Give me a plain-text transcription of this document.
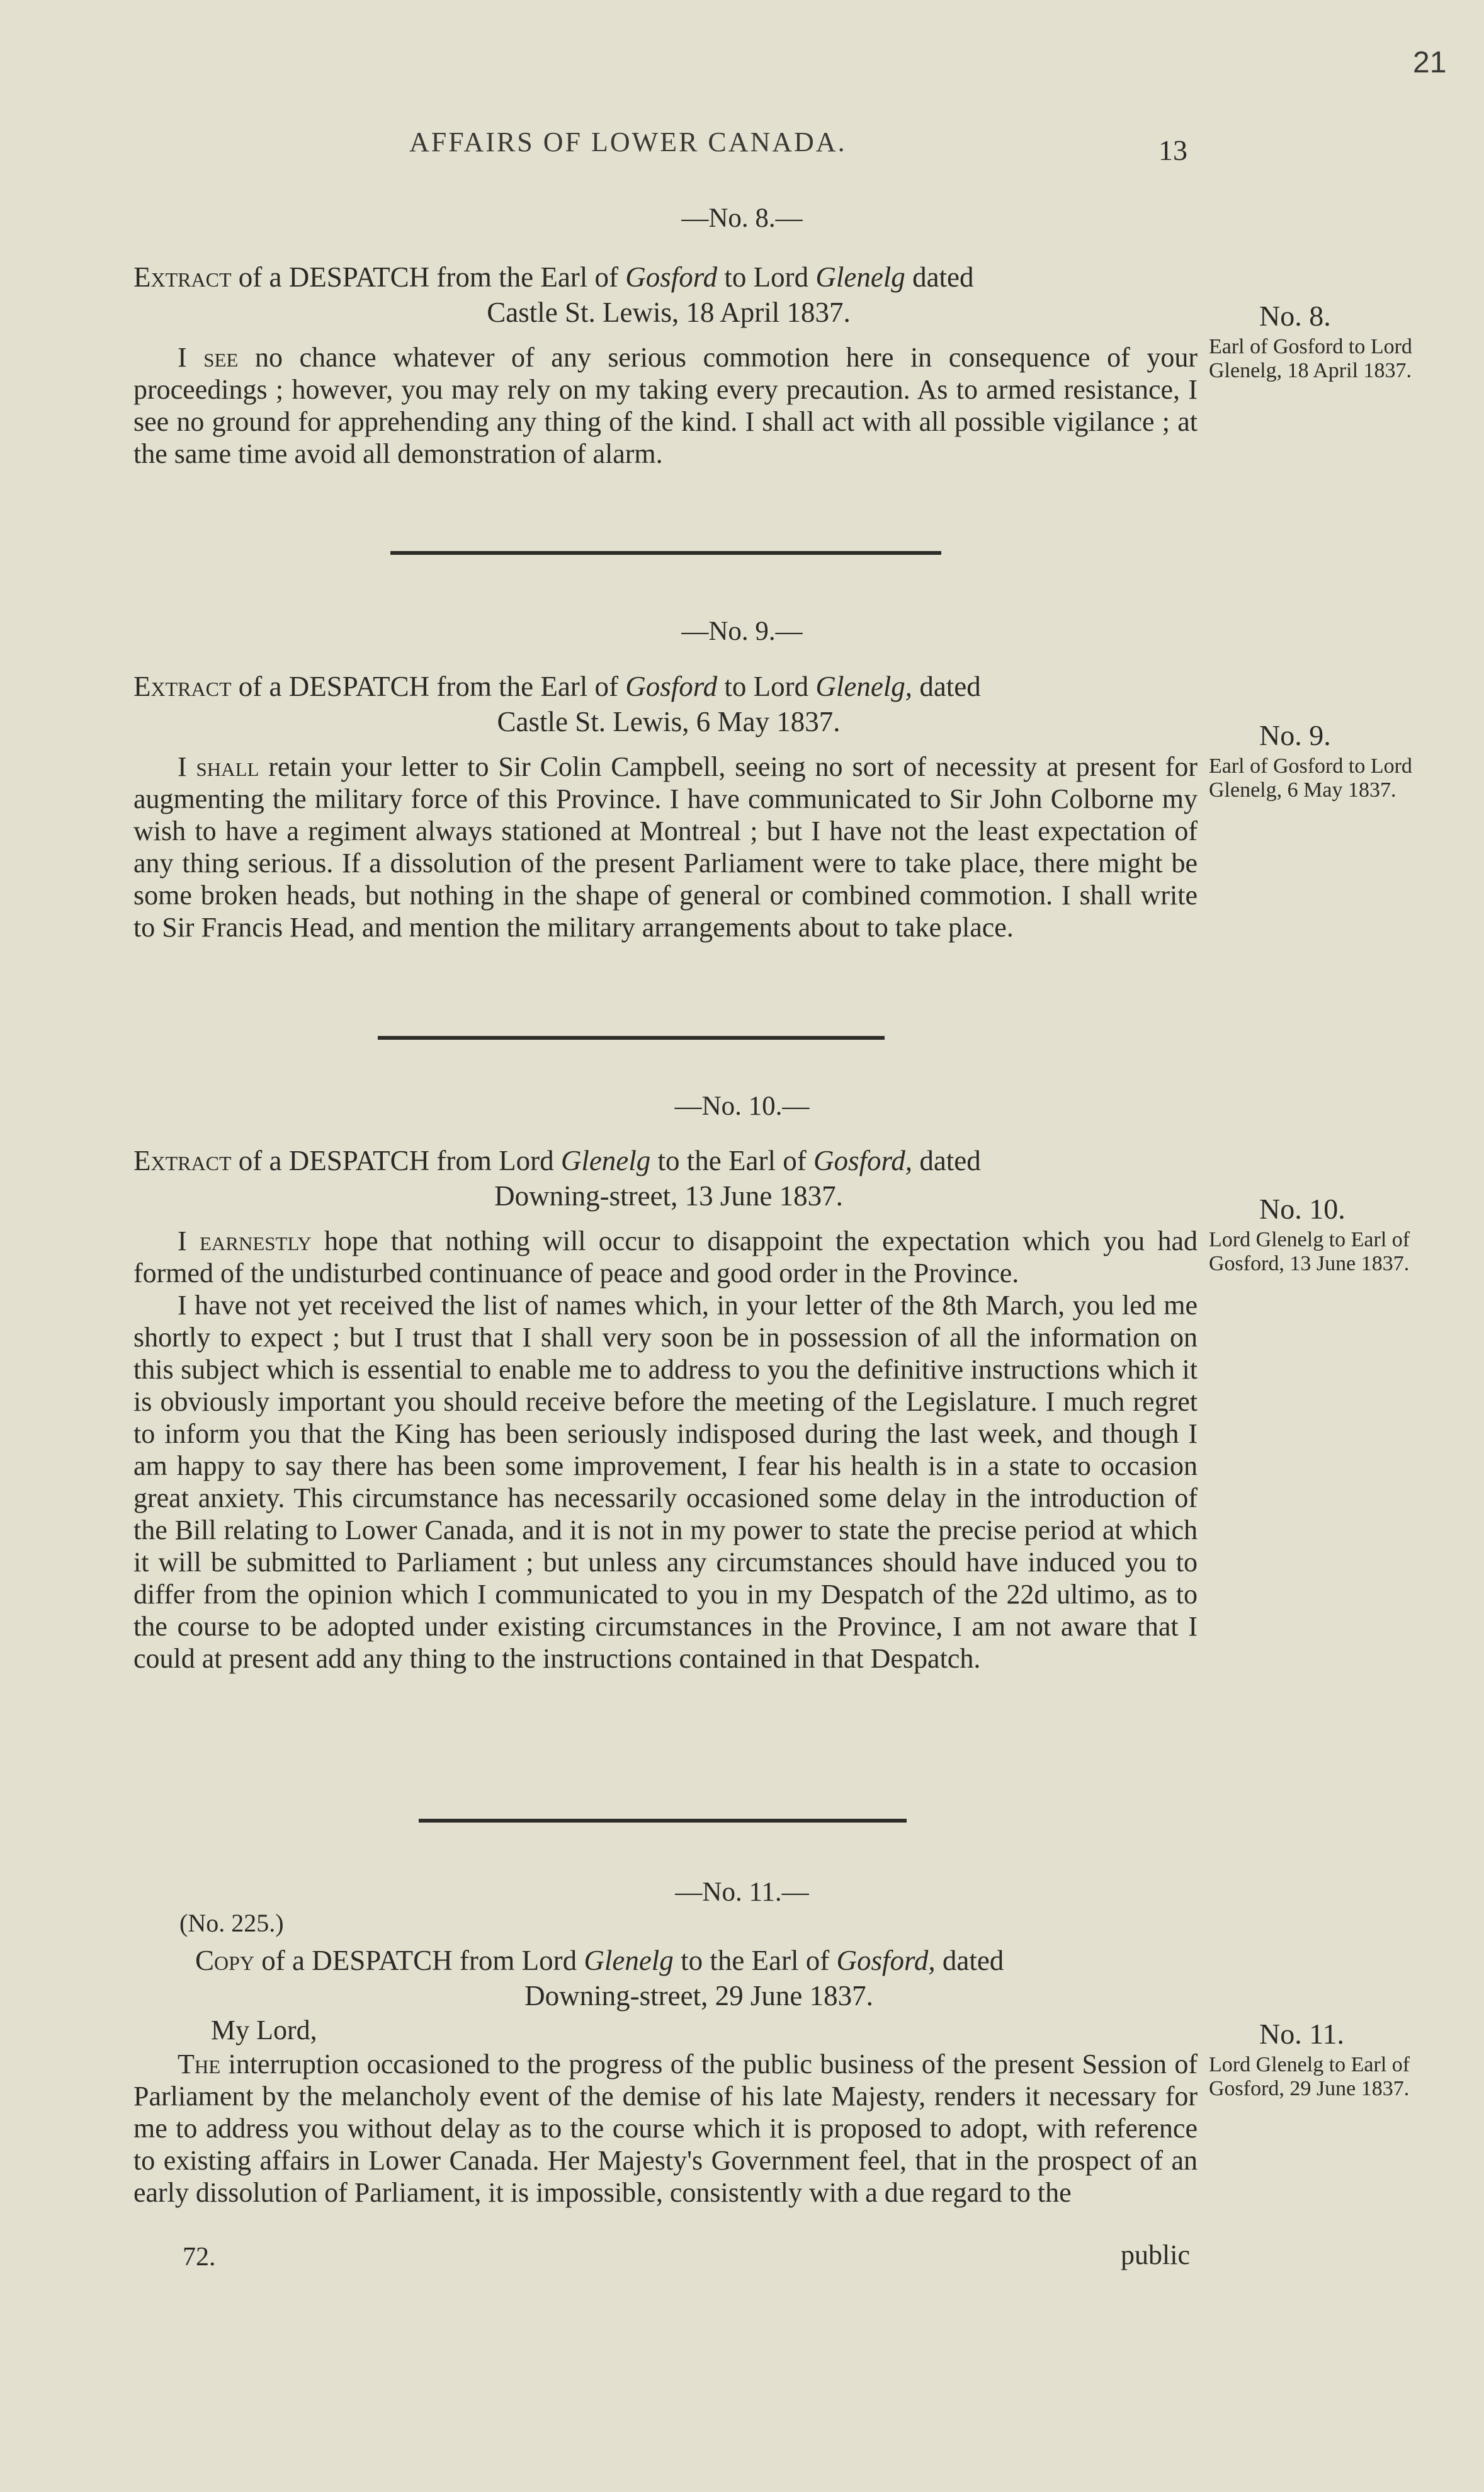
21
AFFAIRS OF LOWER CANADA.	13
—No. 8.—
Extract of a DESPATCH from the Earl of Gosford to Lord Glenelg dated
Castle St. Lewis, 18 April 1837.

I see no chance whatever of any serious commotion here in consequence of your proceedings ; however, you may rely on my taking every precaution. As to armed resistance, I see no ground for apprehending any thing of the kind. I shall act with all possible vigilance ; at the same time avoid all demonstration of alarm.

No. 8.
Earl of Gosford to Lord Glenelg, 18 April 1837.
—No. 9.—
Extract of a DESPATCH from the Earl of Gosford to Lord Glenelg, dated
Castle St. Lewis, 6 May 1837.

I shall retain your letter to Sir Colin Campbell, seeing no sort of necessity at present for augmenting the military force of this Province. I have communicated to Sir John Colborne my wish to have a regiment always stationed at Montreal ; but I have not the least expectation of any thing serious. If a dissolution of the present Parliament were to take place, there might be some broken heads, but nothing in the shape of general or combined commotion. I shall write to Sir Francis Head, and mention the military arrangements about to take place.

No. 9.
Earl of Gosford to Lord Glenelg, 6 May 1837.
—No. 10.—
Extract of a DESPATCH from Lord Glenelg to the Earl of Gosford, dated
Downing-street, 13 June 1837.

I earnestly hope that nothing will occur to disappoint the expectation which you had formed of the undisturbed continuance of peace and good order in the Province.

I have not yet received the list of names which, in your letter of the 8th March, you led me shortly to expect ; but I trust that I shall very soon be in possession of all the information on this subject which is essential to enable me to address to you the definitive instructions which it is obviously important you should receive before the meeting of the Legislature. I much regret to inform you that the King has been seriously indisposed during the last week, and though I am happy to say there has been some improvement, I fear his health is in a state to occasion great anxiety. This circumstance has necessarily occasioned some delay in the introduction of the Bill relating to Lower Canada, and it is not in my power to state the precise period at which it will be submitted to Parliament ; but unless any circumstances should have induced you to differ from the opinion which I communicated to you in my Despatch of the 22d ultimo, as to the course to be adopted under existing circumstances in the Province, I am not aware that I could at present add any thing to the instructions contained in that Despatch.

No. 10.
Lord Glenelg to Earl of Gosford, 13 June 1837.
—No. 11.—
(No. 225.)
Copy of a DESPATCH from Lord Glenelg to the Earl of Gosford, dated
Downing-street, 29 June 1837.
My Lord,

The interruption occasioned to the progress of the public business of the present Session of Parliament by the melancholy event of the demise of his late Majesty, renders it necessary for me to address you without delay as to the course which it is proposed to adopt, with reference to existing affairs in Lower Canada. Her Majesty's Government feel, that in the prospect of an early dissolution of Parliament, it is impossible, consistently with a due regard to the

No. 11.
Lord Glenelg to Earl of Gosford, 29 June 1837.
72.	public
